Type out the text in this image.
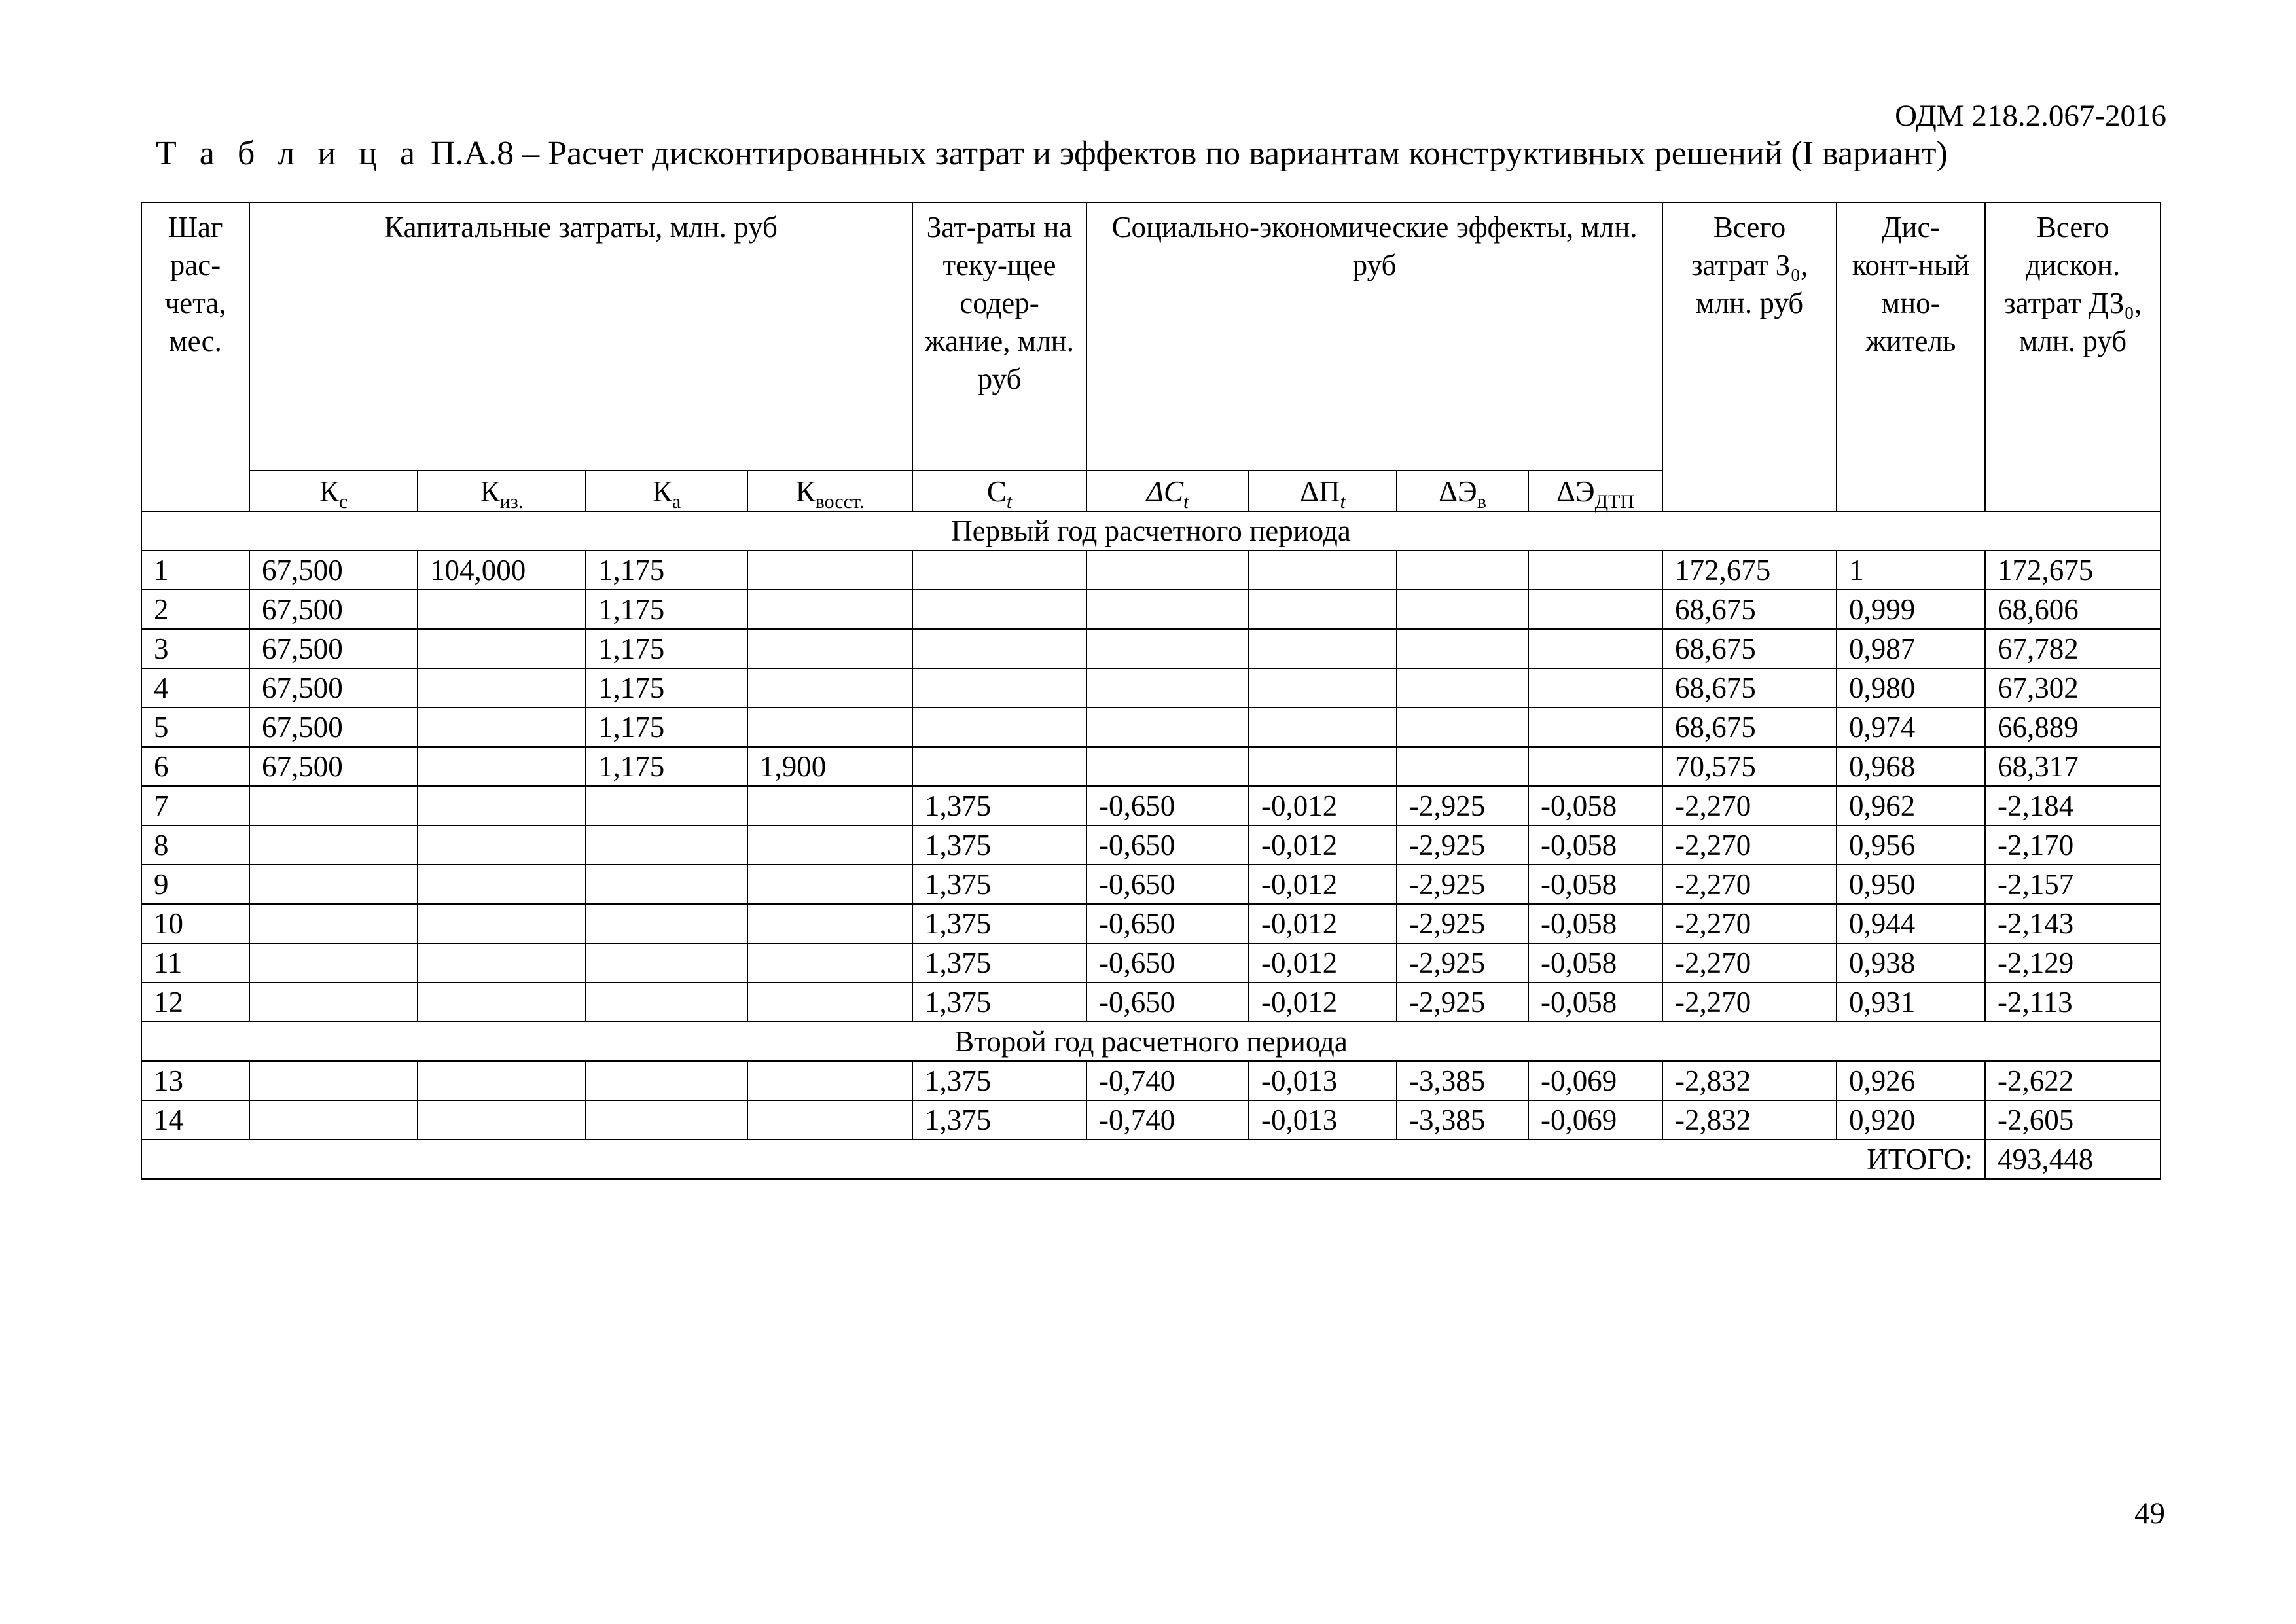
ОДМ 218.2.067-2016
Т а б л и ц а П.А.8 – Расчет дисконтированных затрат и эффектов по вариантам конструктивных решений (I вариант)
Шаг рас-чета, мес.	Капитальные затраты, млн. руб				Зат-раты на теку-щее содер-жание, млн. руб	Социально-экономические эффекты, млн. руб				Всего затрат З₀, млн. руб	Дис-конт-ный мно-житель	Всего дискон. затрат ДЗ₀, млн. руб
	$К_с$	$К_{из.}$	$К_а$	$К_{восст.}$	$C_t$	$\Delta C_t$	$\Delta П_t$	$\Delta Э_в$	$\Delta Э_{ДТП}$
Первый год расчетного периода												
1	67,500	104,000	1,175							172,675	1	172,675
2	67,500		1,175							68,675	0,999	68,606
3	67,500		1,175							68,675	0,987	67,782
4	67,500		1,175							68,675	0,980	67,302
5	67,500		1,175							68,675	0,974	66,889
6	67,500		1,175	1,900						70,575	0,968	68,317
7					1,375	-0,650	-0,012	-2,925	-0,058	-2,270	0,962	-2,184
8					1,375	-0,650	-0,012	-2,925	-0,058	-2,270	0,956	-2,170
9					1,375	-0,650	-0,012	-2,925	-0,058	-2,270	0,950	-2,157
10					1,375	-0,650	-0,012	-2,925	-0,058	-2,270	0,944	-2,143
11					1,375	-0,650	-0,012	-2,925	-0,058	-2,270	0,938	-2,129
12					1,375	-0,650	-0,012	-2,925	-0,058	-2,270	0,931	-2,113
Второй год расчетного периода												
13					1,375	-0,740	-0,013	-3,385	-0,069	-2,832	0,926	-2,622
14					1,375	-0,740	-0,013	-3,385	-0,069	-2,832	0,920	-2,605
ИТОГО:												493,448
49
